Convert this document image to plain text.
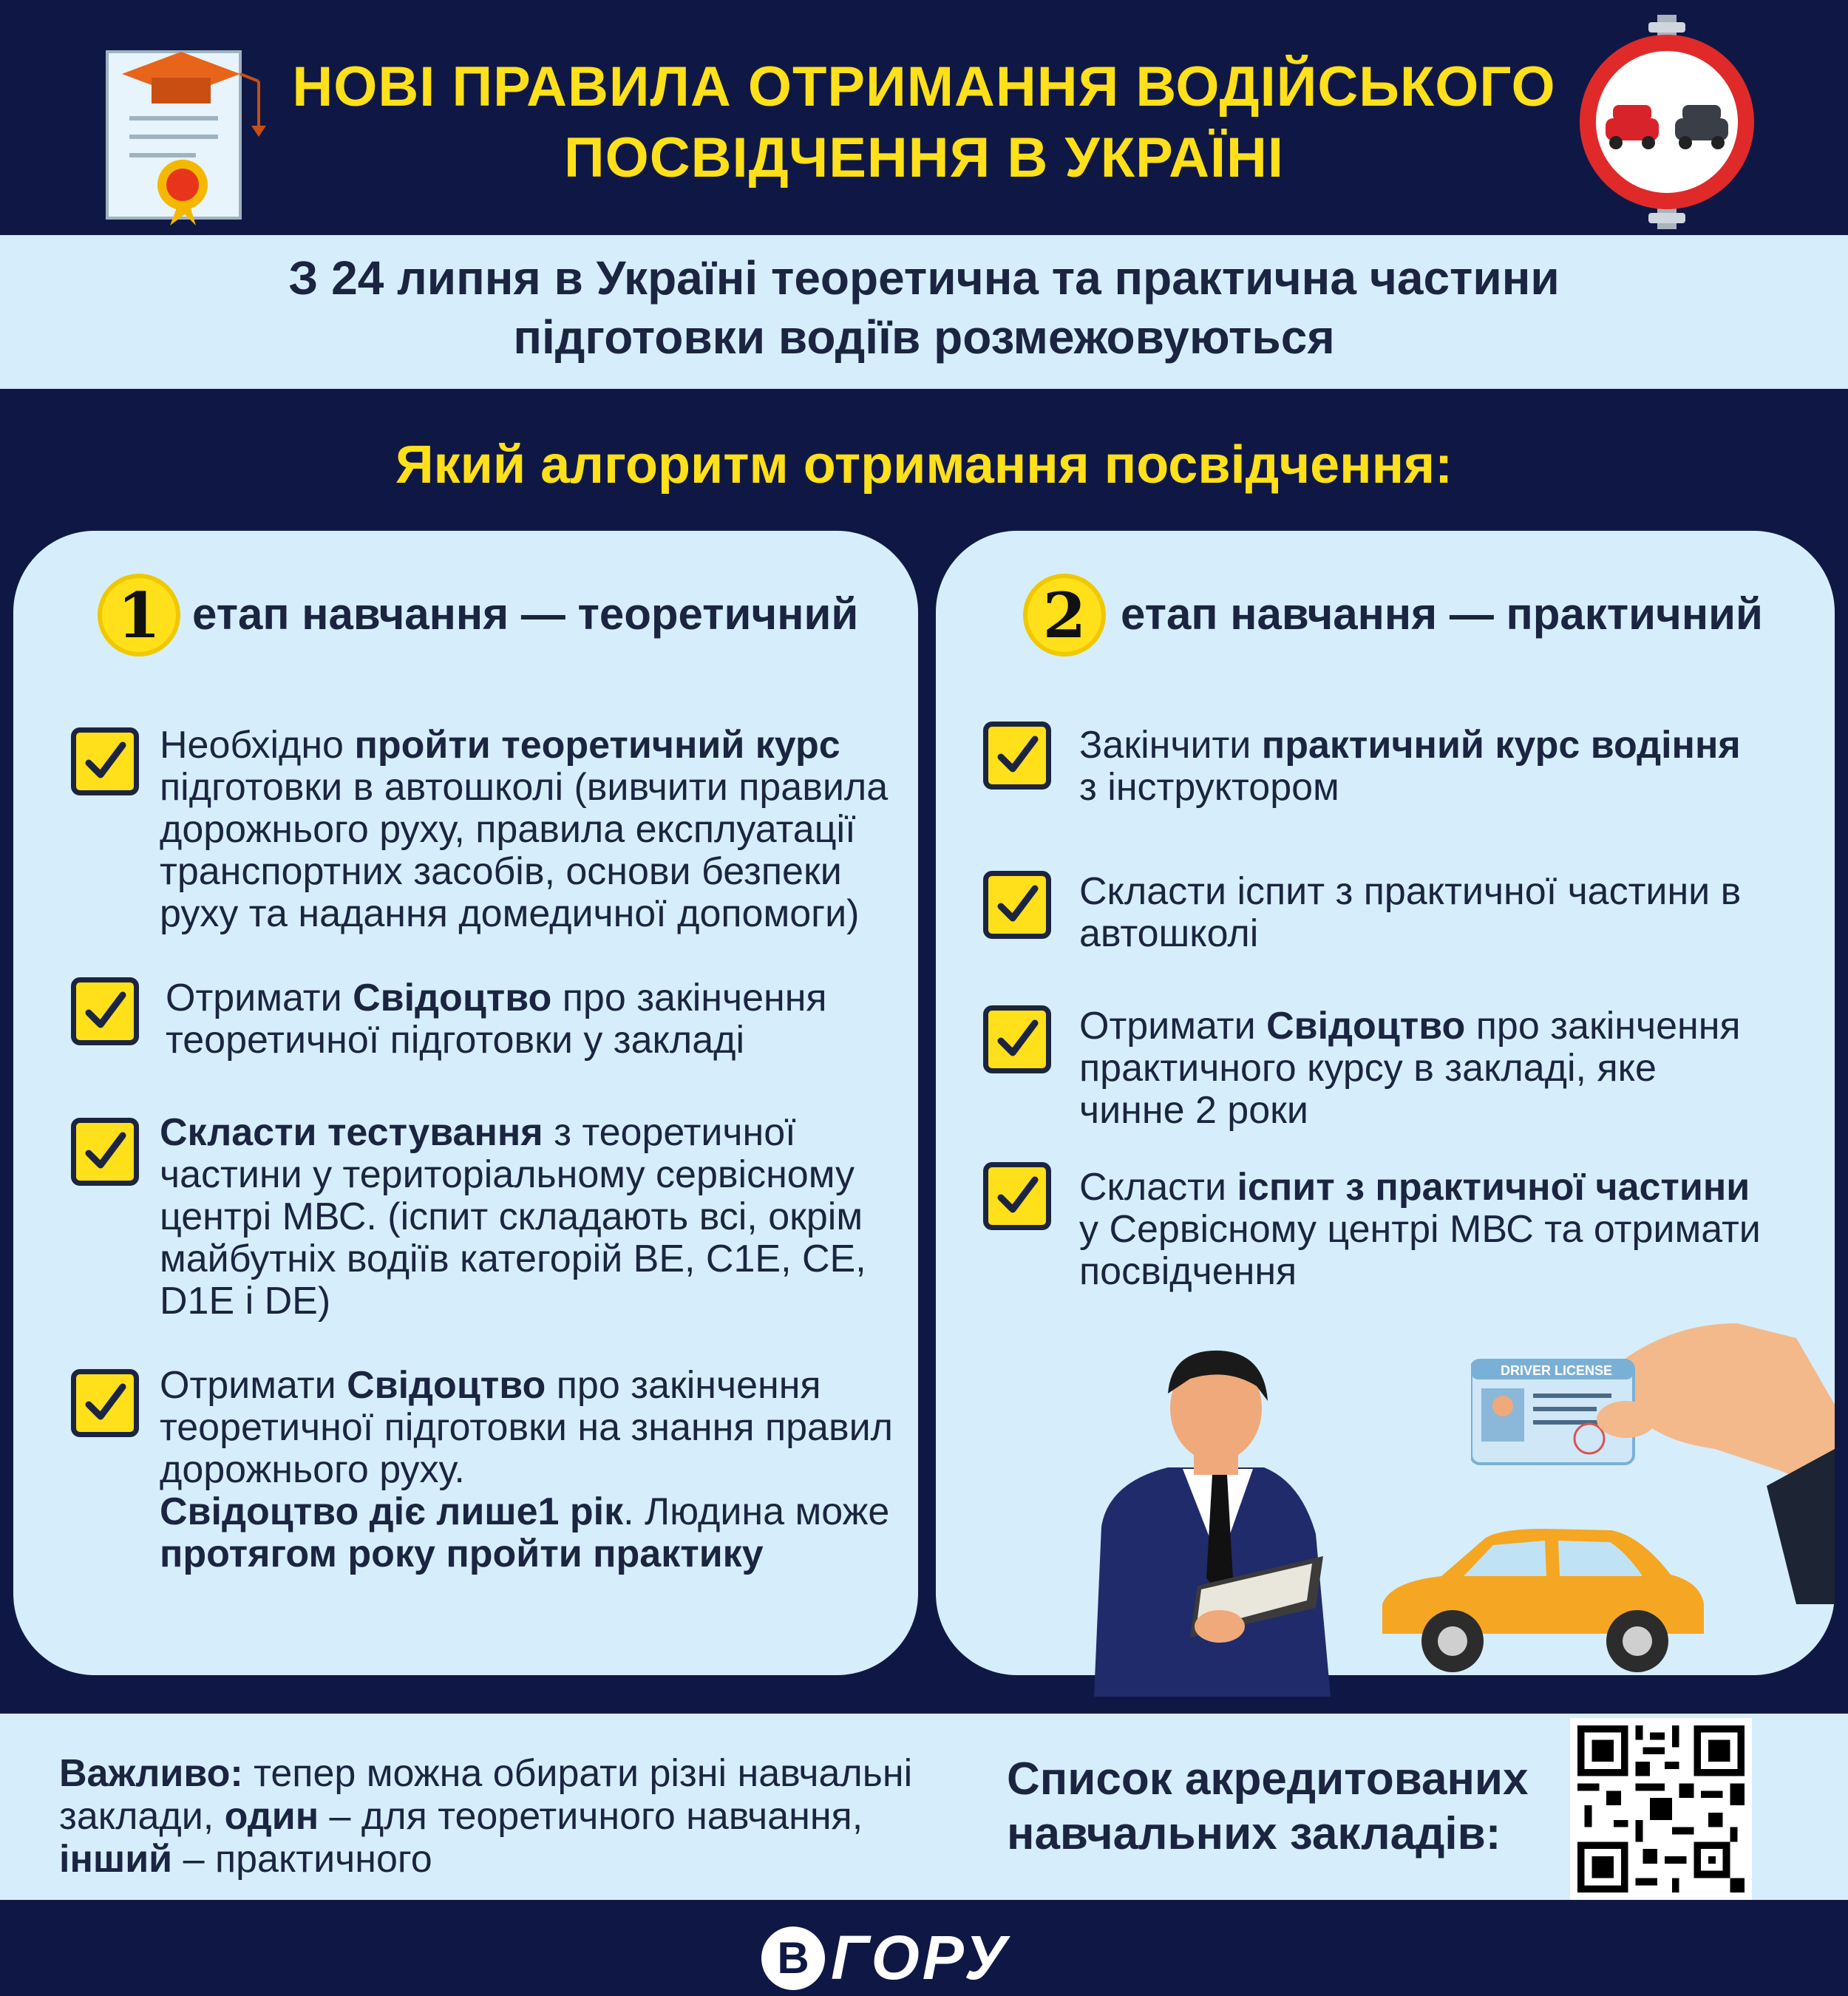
НОВІ ПРАВИЛА ОТРИМАННЯ ВОДІЙСЬКОГО
ПОСВІДЧЕННЯ В УКРАЇНІ
З 24 липня в Україні теоретична та практична частини
підготовки водіїв розмежовуються
Який алгоритм отримання посвідчення:
1 етап навчання — теоретичний
Необхідно пройти теоретичний курс підготовки в автошколі (вивчити правила дорожнього руху, правила експлуатації транспортних засобів, основи безпеки руху та надання домедичної допомоги)
Отримати Свідоцтво про закінчення теоретичної підготовки у закладі
Скласти тестування з теоретичної частини у територіальному сервісному центрі МВС. (іспит складають всі, окрім майбутніх водіїв категорій BE, C1E, CE, D1E і DE)
Отримати Свідоцтво про закінчення теоретичної підготовки на знання правил дорожнього руху.
Свідоцтво діє лише1 рік. Людина може протягом року пройти практику
2 етап навчання — практичний
Закінчити практичний курс водіння з інструктором
Скласти іспит з практичної частини в автошколі
Отримати Свідоцтво про закінчення практичного курсу в закладі, яке чинне 2 роки
Скласти іспит з практичної частини у Сервісному центрі МВС та отримати посвідчення
DRIVER LICENSE
Важливо: тепер можна обирати різні навчальні заклади, один – для теоретичного навчання, інший – практичного
Список акредитованих навчальних закладів:
В ГОРУ
